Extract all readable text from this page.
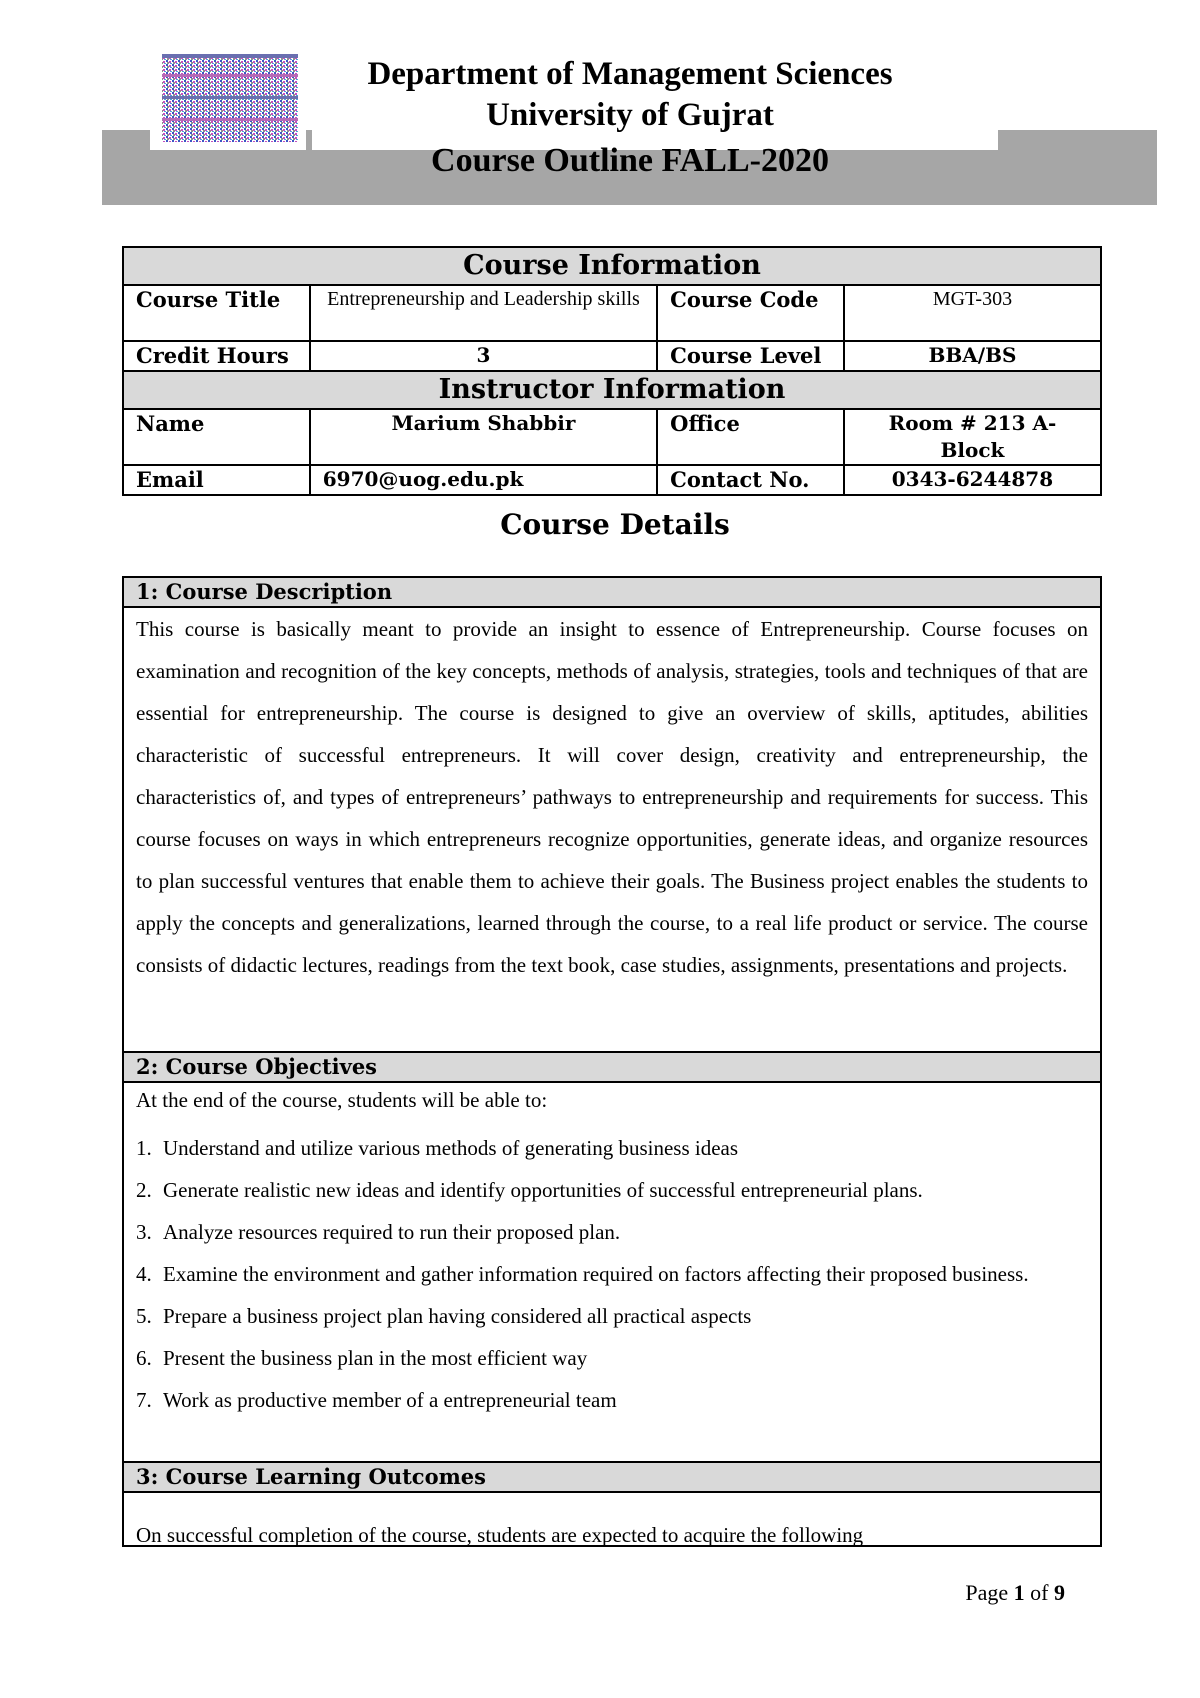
Department of Management Sciences
University of Gujrat
Course Outline FALL-2020
Course Information			
Course Title	Entrepreneurship and Leadership skills	Course Code	MGT-303
Credit Hours	3	Course Level	BBA/BS
Instructor Information			
Name	Marium Shabbir	Office	Room # 213 A- Block
Email	6970@uog.edu.pk	Contact No.	0343-6244878
Course Details
1: Course Description

This course is basically meant to provide an insight to essence of Entrepreneurship. Course focuses on examination and recognition of the key concepts, methods of analysis, strategies, tools and techniques of that are essential for entrepreneurship. The course is designed to give an overview of skills, aptitudes, abilities characteristic of successful entrepreneurs. It will cover design, creativity and entrepreneurship, the characteristics of, and types of entrepreneurs’ pathways to entrepreneurship and requirements for success. This course focuses on ways in which entrepreneurs recognize opportunities, generate ideas, and organize resources to plan successful ventures that enable them to achieve their goals. The Business project enables the students to apply the concepts and generalizations, learned through the course, to a real life product or service. The course consists of didactic lectures, readings from the text book, case studies, assignments, presentations and projects.

2: Course Objectives

At the end of the course, students will be able to:
1. Understand and utilize various methods of generating business ideas
2. Generate realistic new ideas and identify opportunities of successful entrepreneurial plans.
3. Analyze resources required to run their proposed plan.
4. Examine the environment and gather information required on factors affecting their proposed business.
5. Prepare a business project plan having considered all practical aspects
6. Present the business plan in the most efficient way
7. Work as productive member of a entrepreneurial team

3: Course Learning Outcomes

On successful completion of the course, students are expected to acquire the following
Page 1 of 9
